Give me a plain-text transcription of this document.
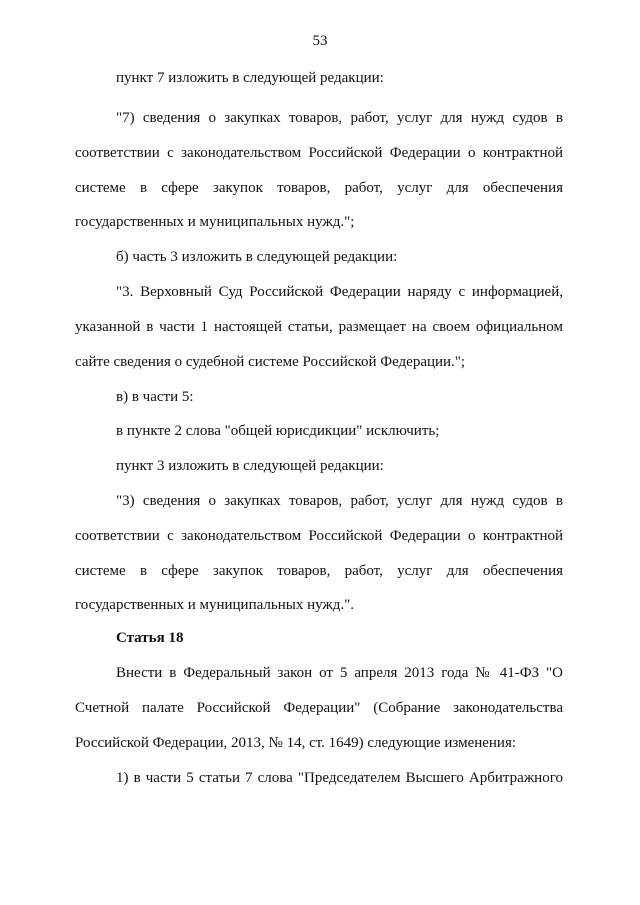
53

пункт 7 изложить в следующей редакции:

"7) сведения о закупках товаров, работ, услуг для нужд судов в

соответствии с законодательством Российской Федерации о контрактной

системе в сфере закупок товаров, работ, услуг для обеспечения

государственных и муниципальных нужд.";

б) часть 3 изложить в следующей редакции:

"3. Верховный Суд Российской Федерации наряду с информацией,

указанной в части 1 настоящей статьи, размещает на своем официальном

сайте сведения о судебной системе Российской Федерации.";

в) в части 5:

в пункте 2 слова "общей юрисдикции" исключить;

пункт 3 изложить в следующей редакции:

"3) сведения о закупках товаров, работ, услуг для нужд судов в

соответствии с законодательством Российской Федерации о контрактной

системе в сфере закупок товаров, работ, услуг для обеспечения

государственных и муниципальных нужд.".

Статья 18

Внести в Федеральный закон от 5 апреля 2013 года № 41-ФЗ "О

Счетной палате Российской Федерации" (Собрание законодательства

Российской Федерации, 2013, № 14, ст. 1649) следующие изменения:

1) в части 5 статьи 7 слова "Председателем Высшего Арбитражного
